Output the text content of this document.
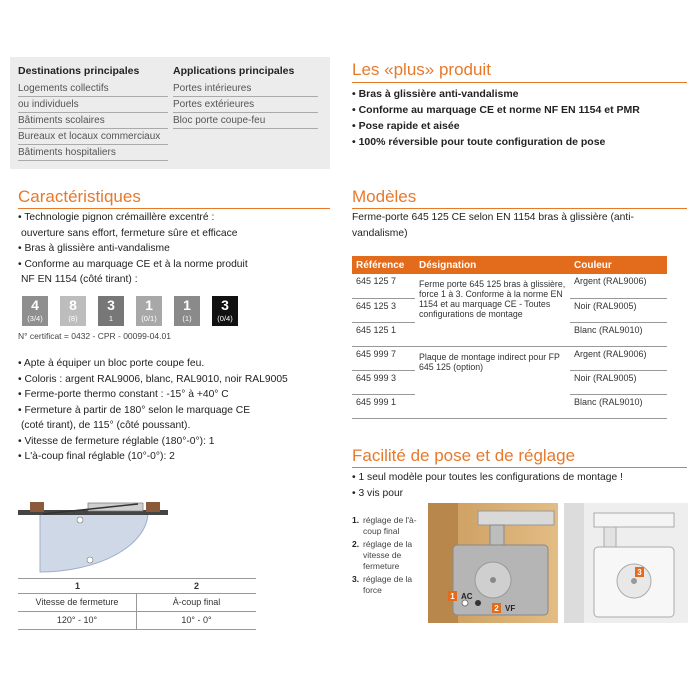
Destinations principales
Logements collectifs
ou individuels
Bâtiments scolaires
Bureaux et locaux commerciaux
Bâtiments hospitaliers
Applications principales
Portes intérieures
Portes extérieures
Bloc porte coupe-feu
Les «plus» produit
• Bras à glissière anti-vandalisme
• Conforme au marquage CE et norme NF EN 1154 et PMR
• Pose rapide et aisée
• 100% réversible pour toute configuration de pose
Caractéristiques
• Technologie pignon crémaillère excentré :
ouverture sans effort, fermeture sûre et efficace
• Bras à glissière anti-vandalisme
• Conforme au marquage CE et à la norme produit
NF EN 1154 (côté tirant) :
4
(3/4)
8
(8)
3
1
1
(0/1)
1
(1)
3
(0/4)
N° certificat = 0432 - CPR - 00099-04.01
• Apte à équiper un bloc porte coupe feu.
• Coloris : argent RAL9006, blanc, RAL9010, noir RAL9005
• Ferme-porte thermo constant : -15° à +40° C
• Fermeture à partir de 180° selon le marquage CE
(coté tirant), de 115° (côté poussant).
• Vitesse de fermeture réglable (180°-0°): 1
• L'à-coup final réglable (10°-0°): 2
1	2
Vitesse de fermeture	À-coup final
120° - 10°	10° - 0°
Modèles
Ferme-porte 645 125 CE selon EN 1154 bras à glissière (anti-
vandalisme)
Référence	Désignation	Couleur
645 125 7	Ferme porte 645 125 bras à glissière, force 1 à 3. Conforme à la norme EN 1154 et au marquage CE - Toutes configurations de montage	Argent (RAL9006)
645 125 3		Noir (RAL9005)
645 125 1		Blanc (RAL9010)
645 999 7	Plaque de montage indirect pour FP 645 125 (option)	Argent (RAL9006)
645 999 3		Noir (RAL9005)
645 999 1		Blanc (RAL9010)
Facilité de pose et de réglage
• 1 seul modèle pour toutes les configurations de montage !
• 3 vis pour
1. réglage de l'à-coup final
2. réglage de la vitesse de fermeture
3. réglage de la force
1 AC
2 VF
3
